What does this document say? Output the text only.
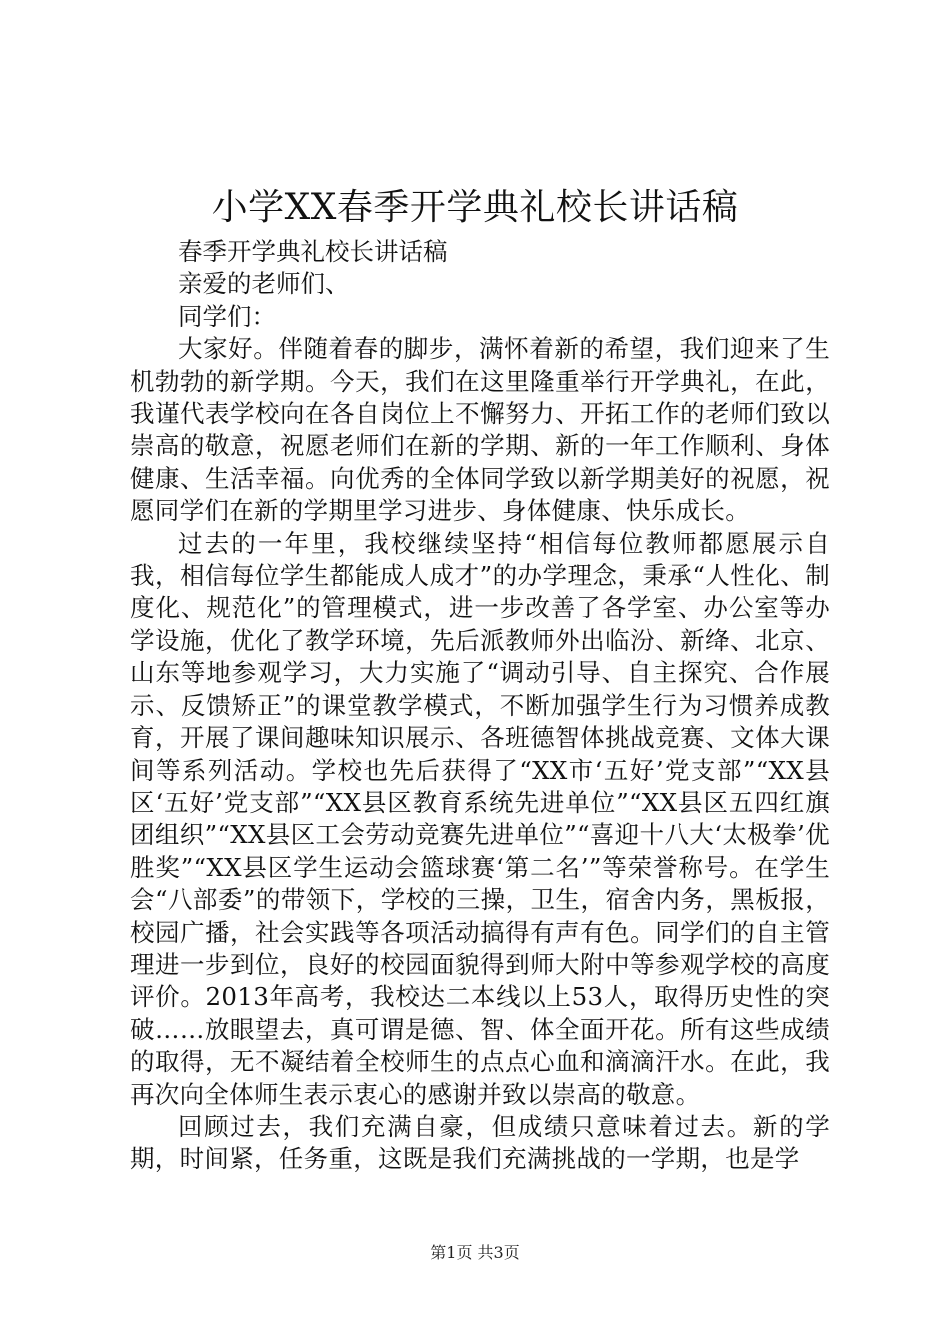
小学XX春季开学典礼校长讲话稿
春季开学典礼校长讲话稿
亲爱的老师们、
同学们：

大家好。伴随着春的脚步，满怀着新的希望，我们迎来了生机勃勃的新学期。今天，我们在这里隆重举行开学典礼，在此，我谨代表学校向在各自岗位上不懈努力、开拓工作的老师们致以崇高的敬意，祝愿老师们在新的学期、新的一年工作顺利、身体健康、生活幸福。向优秀的全体同学致以新学期美好的祝愿，祝愿同学们在新的学期里学习进步、身体健康、快乐成长。

过去的一年里，我校继续坚持“相信每位教师都愿展示自我，相信每位学生都能成人成才”的办学理念，秉承“人性化、制度化、规范化”的管理模式，进一步改善了各学室、办公室等办学设施，优化了教学环境，先后派教师外出临汾、新绛、北京、山东等地参观学习，大力实施了“调动引导、自主探究、合作展示、反馈矫正”的课堂教学模式，不断加强学生行为习惯养成教育，开展了课间趣味知识展示、各班德智体挑战竞赛、文体大课间等系列活动。学校也先后获得了“XX市‘五好’党支部”“XX县区‘五好’党支部”“XX县区教育系统先进单位”“XX县区五四红旗团组织”“XX县区工会劳动竞赛先进单位”“喜迎十八大‘太极拳’优胜奖”“XX县区学生运动会篮球赛‘第二名’”等荣誉称号。在学生会“八部委”的带领下，学校的三操，卫生，宿舍内务，黑板报，校园广播，社会实践等各项活动搞得有声有色。同学们的自主管理进一步到位，良好的校园面貌得到师大附中等参观学校的高度评价。2013年高考，我校达二本线以上53人，取得历史性的突破……放眼望去，真可谓是德、智、体全面开花。所有这些成绩的取得，无不凝结着全校师生的点点心血和滴滴汗水。在此，我再次向全体师生表示衷心的感谢并致以崇高的敬意。

回顾过去，我们充满自豪，但成绩只意味着过去。新的学期，时间紧，任务重，这既是我们充满挑战的一学期，也是学

第1页 共3页
